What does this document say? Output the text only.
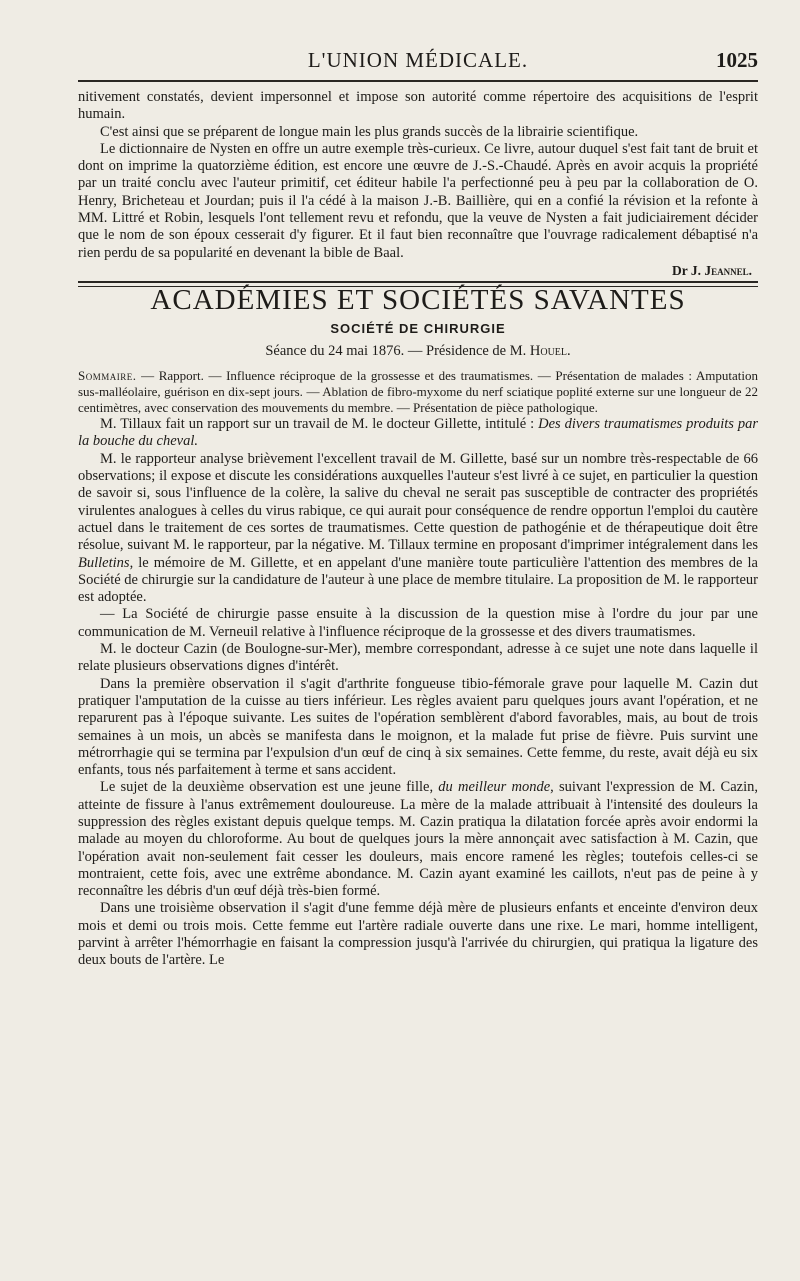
L'UNION MÉDICALE.	1025

nitivement constatés, devient impersonnel et impose son autorité comme répertoire des acquisitions de l'esprit humain.

C'est ainsi que se préparent de longue main les plus grands succès de la librairie scientifique.

Le dictionnaire de Nysten en offre un autre exemple très-curieux. Ce livre, autour duquel s'est fait tant de bruit et dont on imprime la quatorzième édition, est encore une œuvre de J.-S.-Chaudé. Après en avoir acquis la propriété par un traité conclu avec l'auteur primitif, cet éditeur habile l'a perfectionné peu à peu par la collaboration de O. Henry, Bricheteau et Jourdan; puis il l'a cédé à la maison J.-B. Baillière, qui en a confié la révision et la refonte à MM. Littré et Robin, lesquels l'ont tellement revu et refondu, que la veuve de Nysten a fait judiciairement décider que le nom de son époux cesserait d'y figurer. Et il faut bien reconnaître que l'ouvrage radicalement débaptisé n'a rien perdu de sa popularité en devenant la bible de Baal.

Dr J. Jeannel.
ACADÉMIES ET SOCIÉTÉS SAVANTES
SOCIÉTÉ DE CHIRURGIE
Séance du 24 mai 1876. — Présidence de M. Houel.

Sommaire. — Rapport. — Influence réciproque de la grossesse et des traumatismes. — Présentation de malades : Amputation sus-malléolaire, guérison en dix-sept jours. — Ablation de fibro-myxome du nerf sciatique poplité externe sur une longueur de 22 centimètres, avec conservation des mouvements du membre. — Présentation de pièce pathologique.

M. Tillaux fait un rapport sur un travail de M. le docteur Gillette, intitulé : Des divers traumatismes produits par la bouche du cheval.

M. le rapporteur analyse brièvement l'excellent travail de M. Gillette, basé sur un nombre très-respectable de 66 observations; il expose et discute les considérations auxquelles l'auteur s'est livré à ce sujet, en particulier la question de savoir si, sous l'influence de la colère, la salive du cheval ne serait pas susceptible de contracter des propriétés virulentes analogues à celles du virus rabique, ce qui aurait pour conséquence de rendre opportun l'emploi du cautère actuel dans le traitement de ces sortes de traumatismes. Cette question de pathogénie et de thérapeutique doit être résolue, suivant M. le rapporteur, par la négative. M. Tillaux termine en proposant d'imprimer intégralement dans les Bulletins, le mémoire de M. Gillette, et en appelant d'une manière toute particulière l'attention des membres de la Société de chirurgie sur la candidature de l'auteur à une place de membre titulaire. La proposition de M. le rapporteur est adoptée.

— La Société de chirurgie passe ensuite à la discussion de la question mise à l'ordre du jour par une communication de M. Verneuil relative à l'influence réciproque de la grossesse et des divers traumatismes.

M. le docteur Cazin (de Boulogne-sur-Mer), membre correspondant, adresse à ce sujet une note dans laquelle il relate plusieurs observations dignes d'intérêt.

Dans la première observation il s'agit d'arthrite fongueuse tibio-fémorale grave pour laquelle M. Cazin dut pratiquer l'amputation de la cuisse au tiers inférieur. Les règles avaient paru quelques jours avant l'opération, et ne reparurent pas à l'époque suivante. Les suites de l'opération semblèrent d'abord favorables, mais, au bout de trois semaines à un mois, un abcès se manifesta dans le moignon, et la malade fut prise de fièvre. Puis survint une métrorrhagie qui se termina par l'expulsion d'un œuf de cinq à six semaines. Cette femme, du reste, avait déjà eu six enfants, tous nés parfaitement à terme et sans accident.

Le sujet de la deuxième observation est une jeune fille, du meilleur monde, suivant l'expression de M. Cazin, atteinte de fissure à l'anus extrêmement douloureuse. La mère de la malade attribuait à l'intensité des douleurs la suppression des règles existant depuis quelque temps. M. Cazin pratiqua la dilatation forcée après avoir endormi la malade au moyen du chloroforme. Au bout de quelques jours la mère annonçait avec satisfaction à M. Cazin, que l'opération avait non-seulement fait cesser les douleurs, mais encore ramené les règles; toutefois celles-ci se montraient, cette fois, avec une extrême abondance. M. Cazin ayant examiné les caillots, n'eut pas de peine à y reconnaître les débris d'un œuf déjà très-bien formé.

Dans une troisième observation il s'agit d'une femme déjà mère de plusieurs enfants et enceinte d'environ deux mois et demi ou trois mois. Cette femme eut l'artère radiale ouverte dans une rixe. Le mari, homme intelligent, parvint à arrêter l'hémorrhagie en faisant la compression jusqu'à l'arrivée du chirurgien, qui pratiqua la ligature des deux bouts de l'artère. Le
